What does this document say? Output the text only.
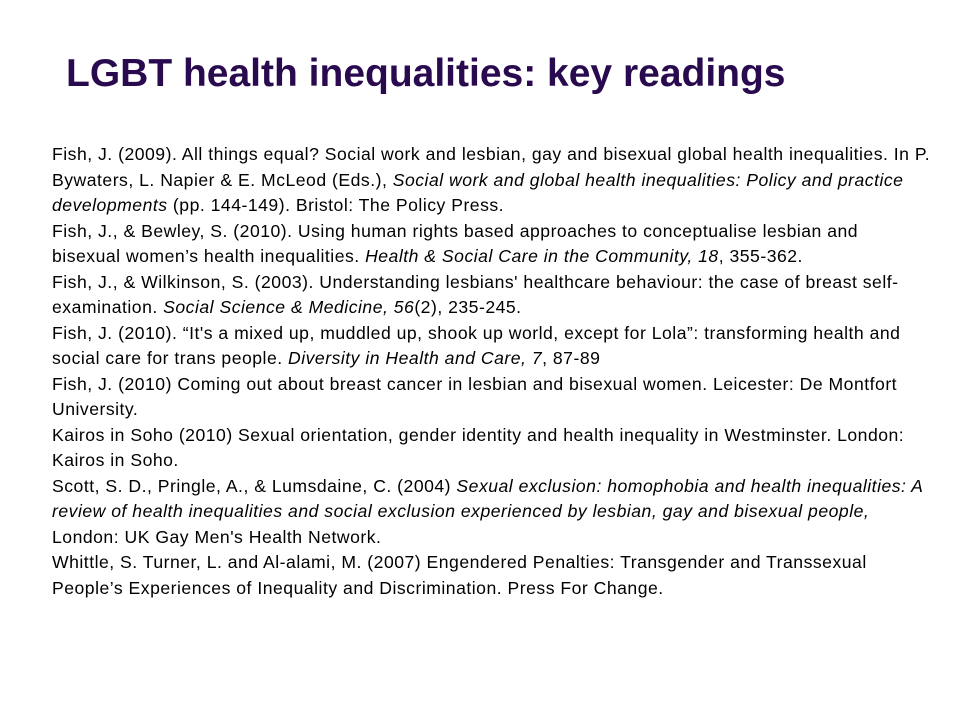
LGBT health inequalities: key readings
Fish, J. (2009). All things equal? Social work and lesbian, gay and bisexual global health inequalities. In P. Bywaters, L. Napier & E. McLeod (Eds.), Social work and global health inequalities: Policy and practice developments (pp. 144-149). Bristol: The Policy Press.
Fish, J., & Bewley, S. (2010). Using human rights based approaches to conceptualise lesbian and bisexual women’s health inequalities. Health & Social Care in the Community, 18, 355-362.
Fish, J., & Wilkinson, S. (2003). Understanding lesbians' healthcare behaviour: the case of breast self-examination. Social Science & Medicine, 56(2), 235-245.
Fish, J. (2010). “It's a mixed up, muddled up, shook up world, except for Lola”: transforming health and social care for trans people. Diversity in Health and Care, 7, 87-89
Fish, J. (2010) Coming out about breast cancer in lesbian and bisexual women. Leicester: De Montfort University.
Kairos in Soho (2010) Sexual orientation, gender identity and health inequality in Westminster. London: Kairos in Soho.
Scott, S. D., Pringle, A., & Lumsdaine, C. (2004) Sexual exclusion: homophobia and health inequalities: A review of health inequalities and social exclusion experienced by lesbian, gay and bisexual people, London: UK Gay Men's Health Network.
Whittle, S. Turner, L. and Al-alami, M. (2007) Engendered Penalties: Transgender and Transsexual People’s Experiences of Inequality and Discrimination. Press For Change.
